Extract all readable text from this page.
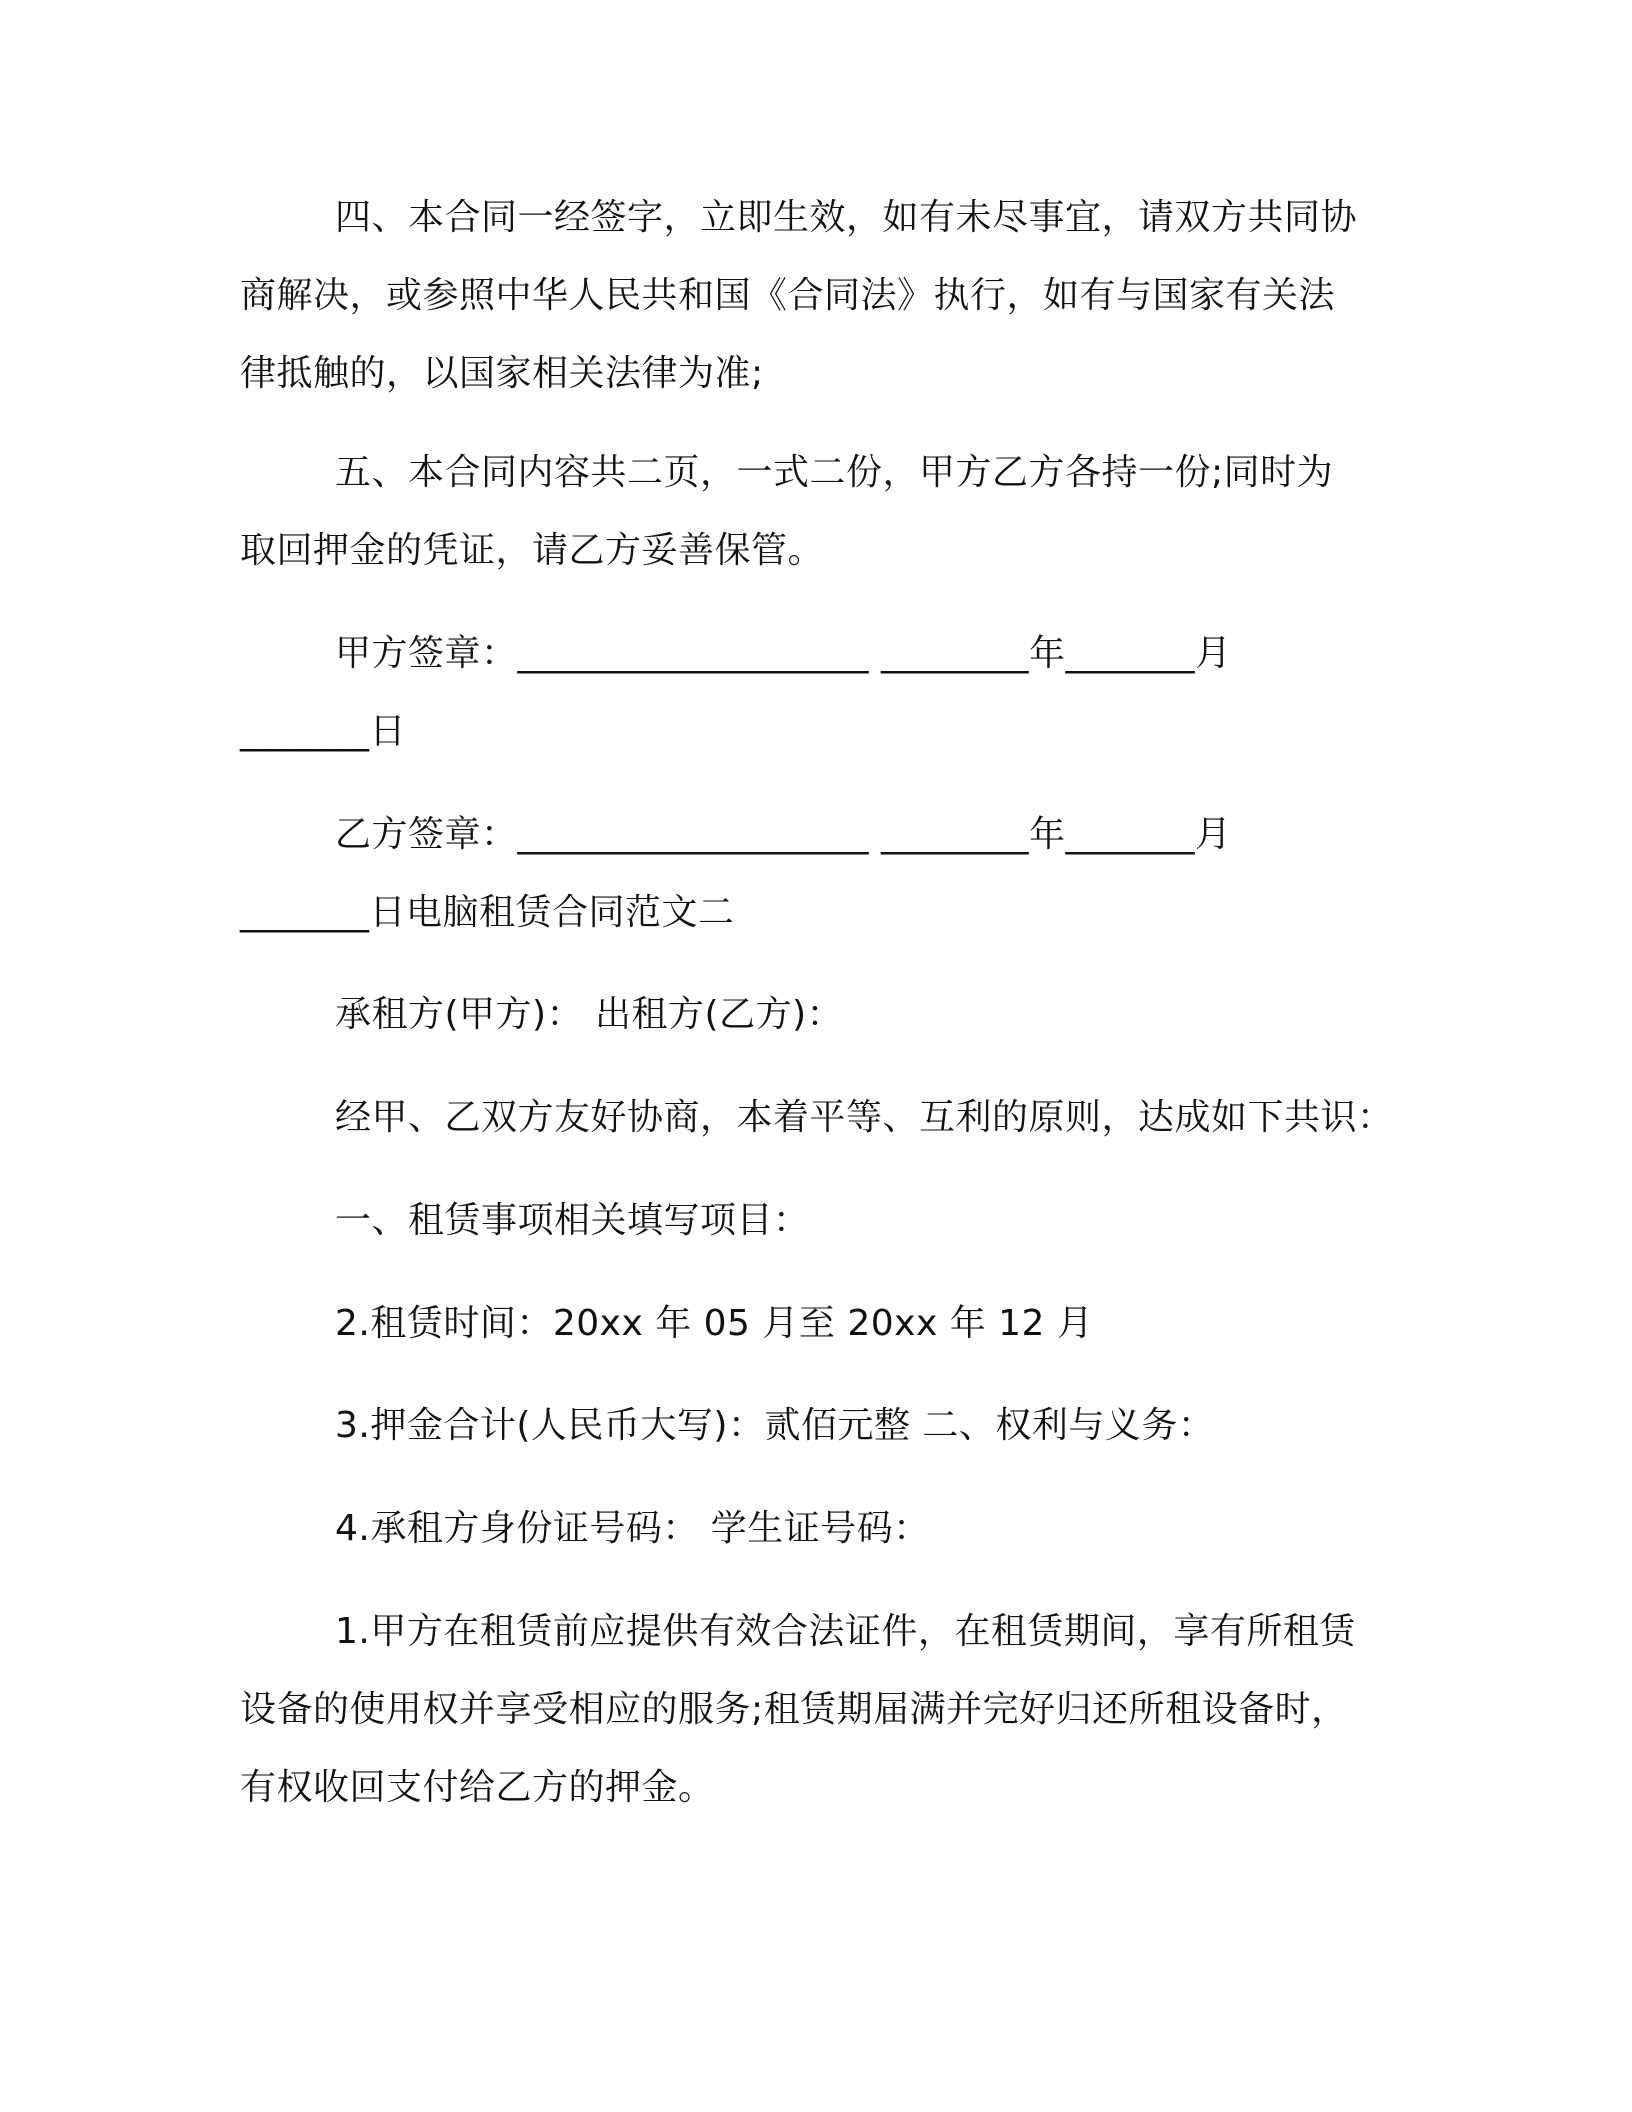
四、本合同一经签字，立即生效，如有未尽事宜，请双方共同协
商解决，或参照中华人民共和国《合同法》执行，如有与国家有关法
律抵触的，以国家相关法律为准;
五、本合同内容共二页，一式二份，甲方乙方各持一份;同时为
取回押金的凭证，请乙方妥善保管。
甲方签章：___________________ ________年_______月
_______日
乙方签章：___________________ ________年_______月
_______日电脑租赁合同范文二
承租方(甲方)： 出租方(乙方)：
经甲、乙双方友好协商，本着平等、互利的原则，达成如下共识：
一、租赁事项相关填写项目：
2.租赁时间：20xx 年 05 月至 20xx 年 12 月
3.押金合计(人民币大写)：贰佰元整 二、权利与义务：
4.承租方身份证号码： 学生证号码：
1.甲方在租赁前应提供有效合法证件，在租赁期间，享有所租赁
设备的使用权并享受相应的服务;租赁期届满并完好归还所租设备时，
有权收回支付给乙方的押金。
